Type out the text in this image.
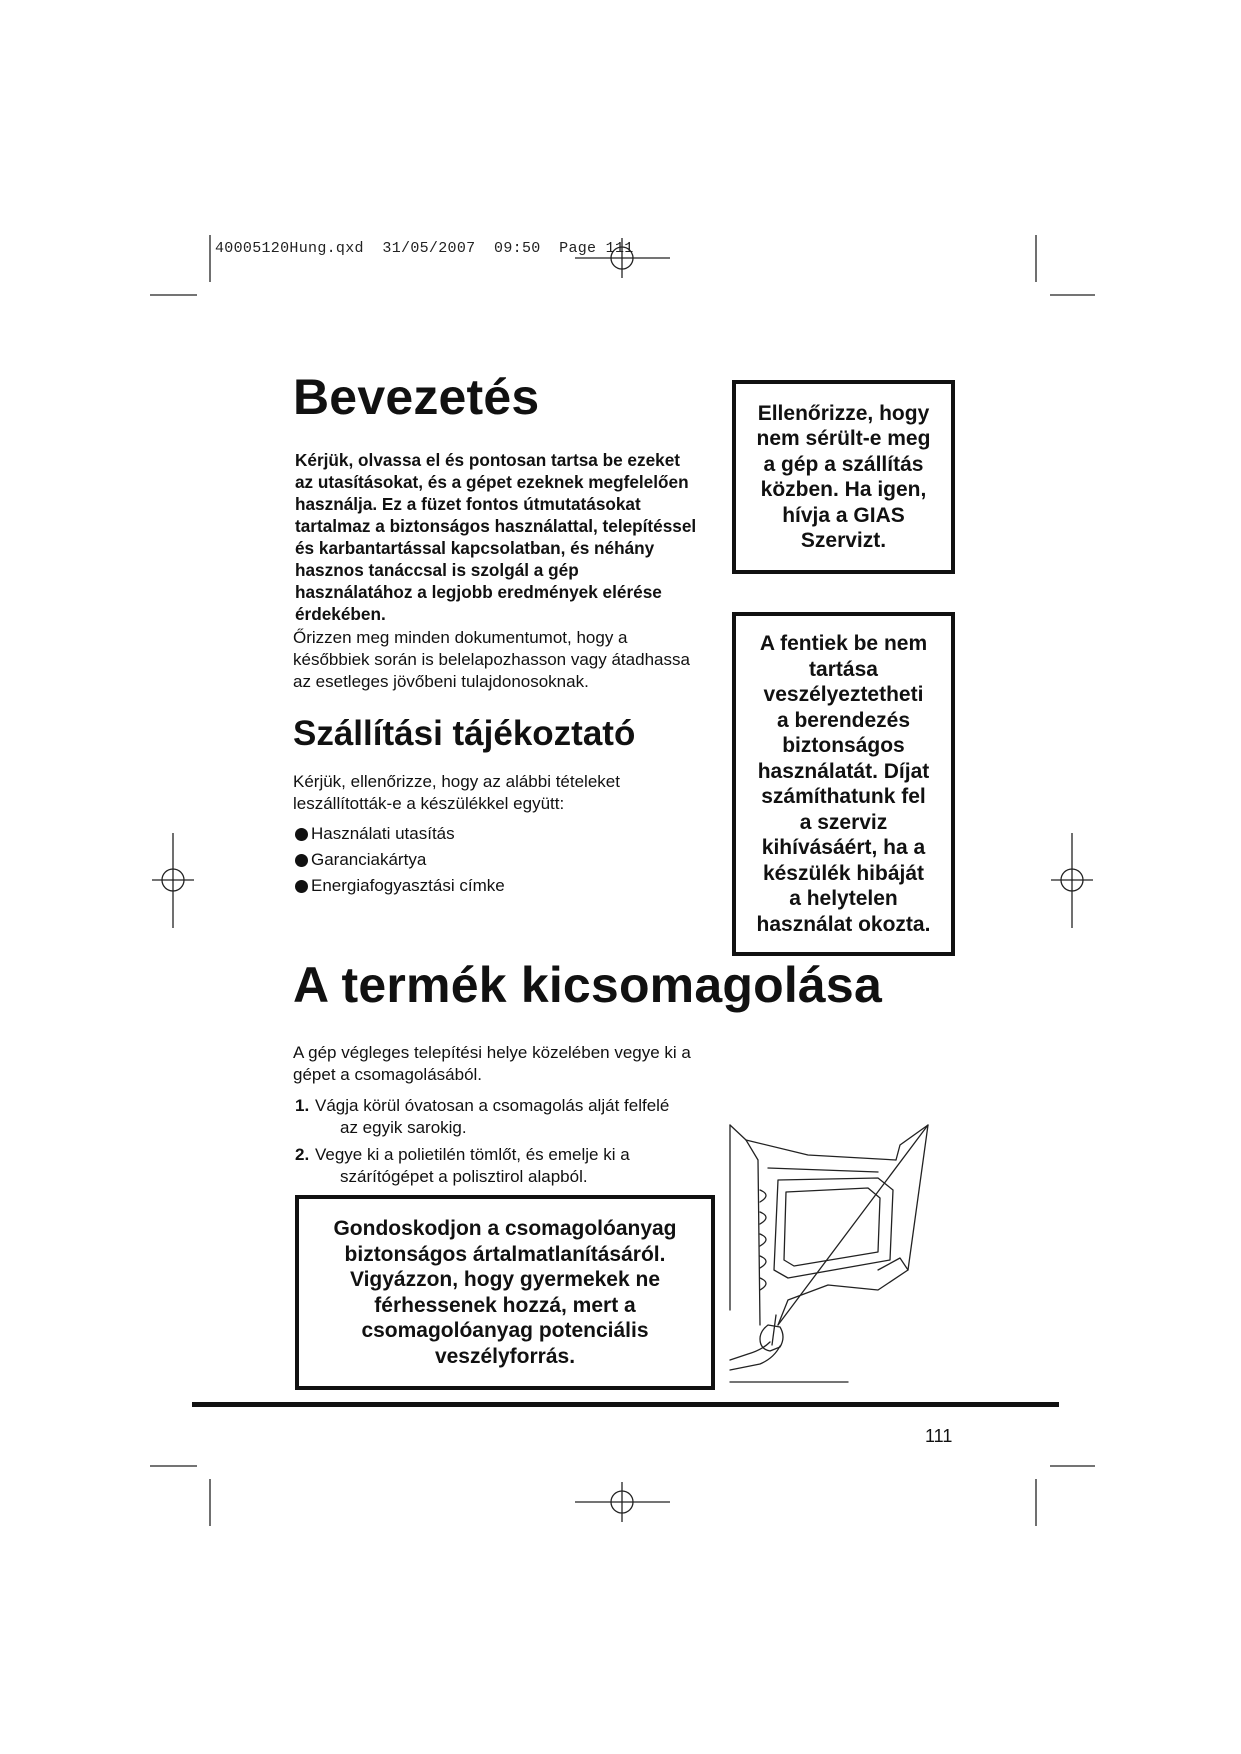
40005120Hung.qxd  31/05/2007  09:50  Page 111
Bevezetés
Kérjük, olvassa el és pontosan tartsa be ezeket
az utasításokat, és a gépet ezeknek megfelelően
használja. Ez a füzet fontos útmutatásokat
tartalmaz a biztonságos használattal, telepítéssel
és karbantartással kapcsolatban, és néhány
hasznos tanáccsal is szolgál a gép
használatához a legjobb eredmények elérése
érdekében.
Őrizzen meg minden dokumentumot, hogy a
későbbiek során is belelapozhasson vagy átadhassa
az esetleges jövőbeni tulajdonosoknak.
Szállítási tájékoztató
Kérjük, ellenőrizze, hogy az alábbi tételeket
leszállították-e a készülékkel együtt:
Használati utasítás
Garanciakártya
Energiafogyasztási címke
Ellenőrizze, hogy
nem sérült-e meg
a gép a szállítás
közben. Ha igen,
hívja a GIAS
Szervizt.
A fentiek be nem
tartása
veszélyeztetheti
a berendezés
biztonságos
használatát. Díjat
számíthatunk fel
a szerviz
kihívásáért, ha a
készülék hibáját
a helytelen
használat okozta.
A termék kicsomagolása
A gép végleges telepítési helye közelében vegye ki a
gépet a csomagolásából.
1. Vágja körül óvatosan a csomagolás alját felfelé
az egyik sarokig.
2. Vegye ki a polietilén tömlőt, és emelje ki a
szárítógépet a polisztirol alapból.
Gondoskodjon a csomagolóanyag
biztonságos ártalmatlanításáról.
Vigyázzon, hogy gyermekek ne
férhessenek hozzá, mert a
csomagolóanyag potenciális
veszélyforrás.
111
